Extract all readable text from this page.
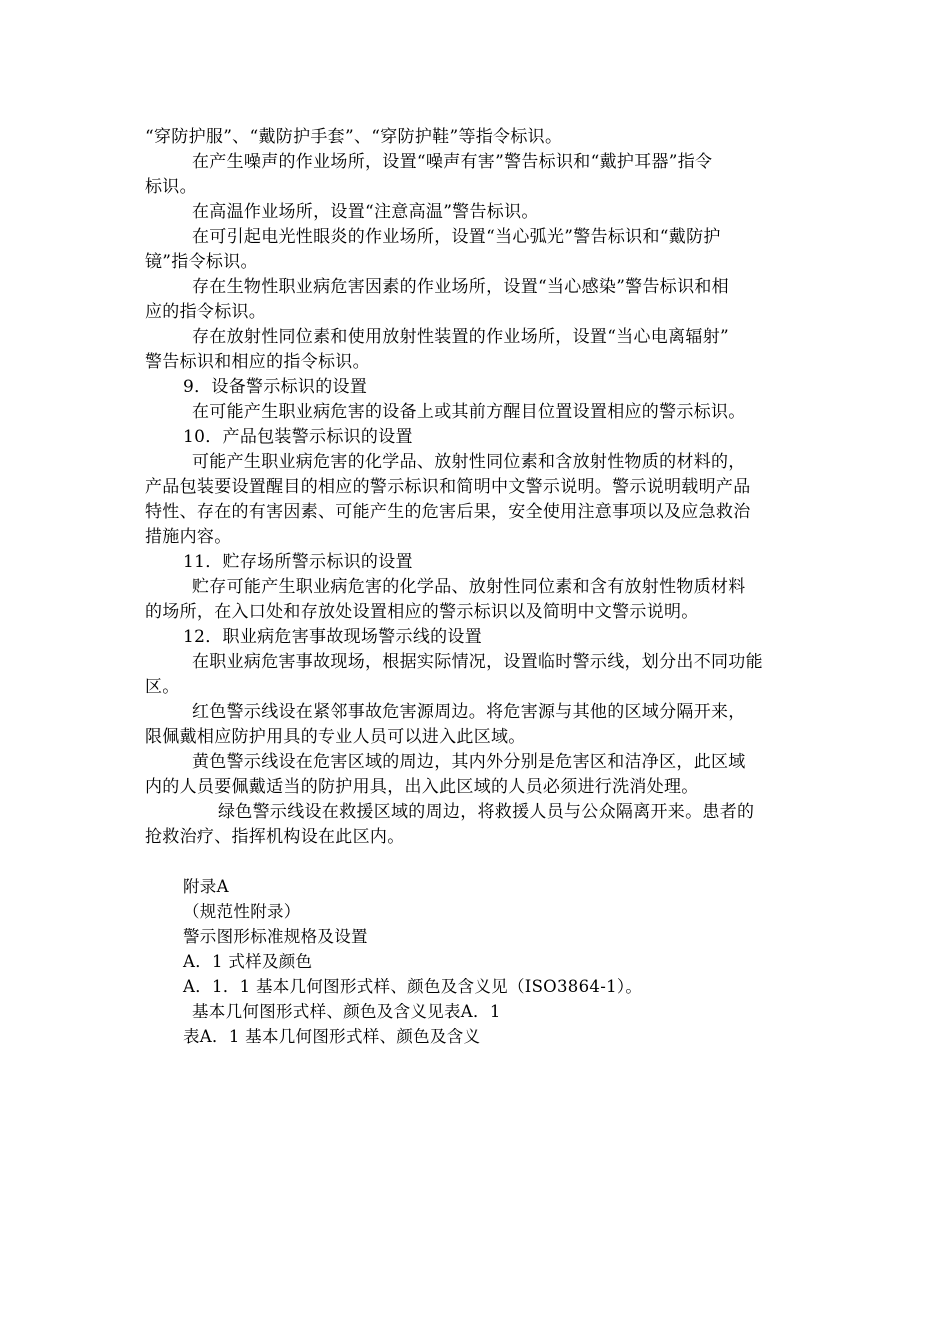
“穿防护服”、“戴防护手套”、“穿防护鞋”等指令标识。
在产生噪声的作业场所，设置“噪声有害”警告标识和“戴护耳器”指令
标识。
在高温作业场所，设置“注意高温”警告标识。
在可引起电光性眼炎的作业场所，设置“当心弧光”警告标识和“戴防护
镜”指令标识。
存在生物性职业病危害因素的作业场所，设置“当心感染”警告标识和相
应的指令标识。
存在放射性同位素和使用放射性装置的作业场所，设置“当心电离辐射”
警告标识和相应的指令标识。
9．设备警示标识的设置
在可能产生职业病危害的设备上或其前方醒目位置设置相应的警示标识。
10．产品包装警示标识的设置
可能产生职业病危害的化学品、放射性同位素和含放射性物质的材料的，
产品包装要设置醒目的相应的警示标识和简明中文警示说明。警示说明载明产品
特性、存在的有害因素、可能产生的危害后果，安全使用注意事项以及应急救治
措施内容。
11．贮存场所警示标识的设置
贮存可能产生职业病危害的化学品、放射性同位素和含有放射性物质材料
的场所，在入口处和存放处设置相应的警示标识以及简明中文警示说明。
12．职业病危害事故现场警示线的设置
在职业病危害事故现场，根据实际情况，设置临时警示线，划分出不同功能
区。
红色警示线设在紧邻事故危害源周边。将危害源与其他的区域分隔开来，
限佩戴相应防护用具的专业人员可以进入此区域。
黄色警示线设在危害区域的周边，其内外分别是危害区和洁净区，此区域
内的人员要佩戴适当的防护用具，出入此区域的人员必须进行洗消处理。
绿色警示线设在救援区域的周边，将救援人员与公众隔离开来。患者的
抢救治疗、指挥机构设在此区内。
附录A
（规范性附录）
警示图形标准规格及设置
A．1 式样及颜色
A．1．1 基本几何图形式样、颜色及含义见（ISO3864-1）。
基本几何图形式样、颜色及含义见表A．1
表A．1 基本几何图形式样、颜色及含义
